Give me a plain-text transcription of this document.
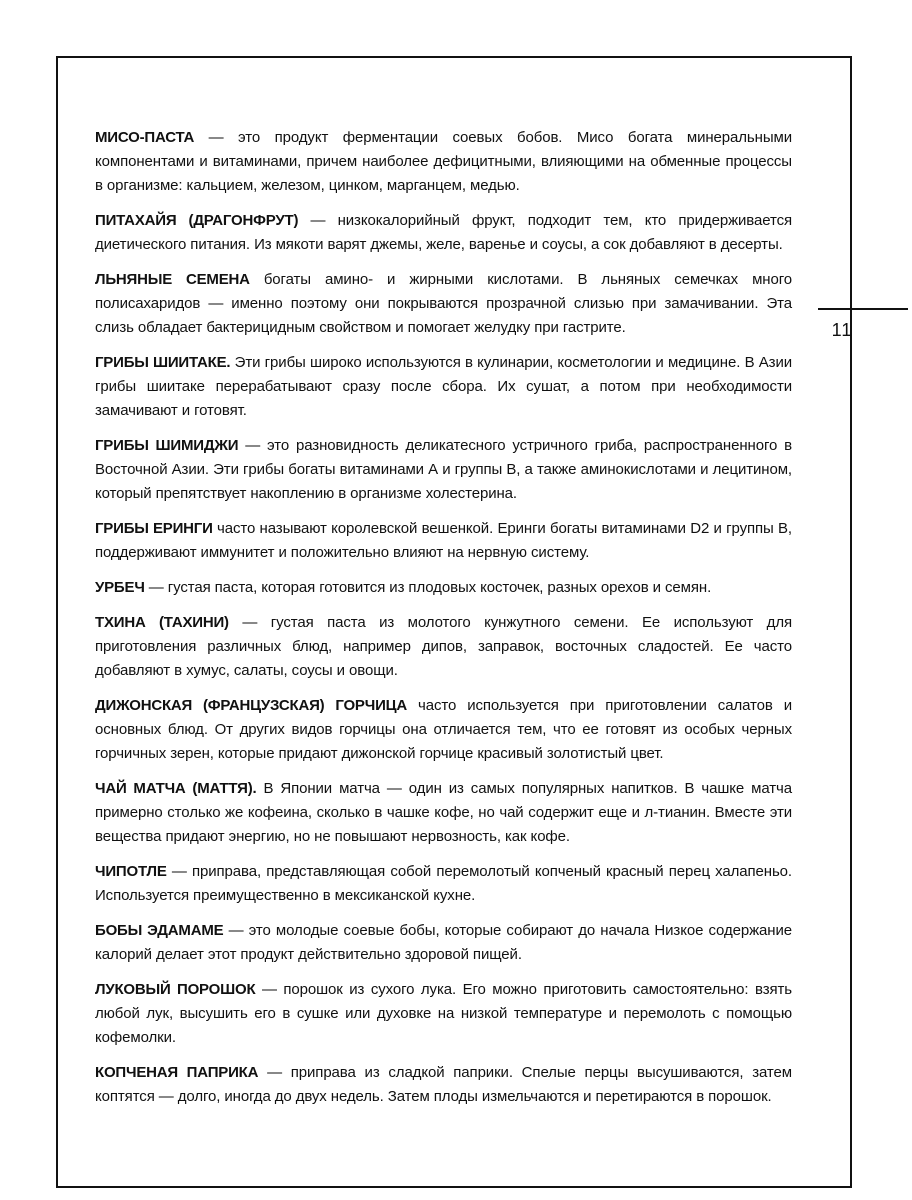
МИСО-ПАСТА — это продукт ферментации соевых бобов. Мисо богата минеральными компонентами и витаминами, причем наиболее дефицитными, влияющими на обменные процессы в организме: кальцием, железом, цинком, марганцем, медью.

ПИТАХАЙЯ (ДРАГОНФРУТ) — низкокалорийный фрукт, подходит тем, кто придерживается диетического питания. Из мякоти варят джемы, желе, варенье и соусы, а сок добавляют в десерты.

ЛЬНЯНЫЕ СЕМЕНА богаты амино- и жирными кислотами. В льняных семечках много полисахаридов — именно поэтому они покрываются прозрачной слизью при замачивании. Эта слизь обладает бактерицидным свойством и помогает желудку при гастрите.

ГРИБЫ ШИИТАКЕ. Эти грибы широко используются в кулинарии, косметологии и медицине. В Азии грибы шиитаке перерабатывают сразу после сбора. Их сушат, а потом при необходимости замачивают и готовят.

ГРИБЫ ШИМИДЖИ — это разновидность деликатесного устричного гриба, распространенного в Восточной Азии. Эти грибы богаты витаминами А и группы В, а также аминокислотами и лецитином, который препятствует накоплению в организме холестерина.

ГРИБЫ ЕРИНГИ часто называют королевской вешенкой. Еринги богаты витаминами D2 и группы В, поддерживают иммунитет и положительно влияют на нервную систему.

УРБЕЧ — густая паста, которая готовится из плодовых косточек, разных орехов и семян.

ТХИНА (ТАХИНИ) — густая паста из молотого кунжутного семени. Ее используют для приготовления различных блюд, например дипов, заправок, восточных сладостей. Ее часто добавляют в хумус, салаты, соусы и овощи.

ДИЖОНСКАЯ (ФРАНЦУЗСКАЯ) ГОРЧИЦА часто используется при приготовлении салатов и основных блюд. От других видов горчицы она отличается тем, что ее готовят из особых черных горчичных зерен, которые придают дижонской горчице красивый золотистый цвет.

ЧАЙ МАТЧА (МАТТЯ). В Японии матча — один из самых популярных напитков. В чашке матча примерно столько же кофеина, сколько в чашке кофе, но чай содержит еще и л-тианин. Вместе эти вещества придают энергию, но не повышают нервозность, как кофе.

ЧИПОТЛЕ — приправа, представляющая собой перемолотый копченый красный перец халапеньо. Используется преимущественно в мексиканской кухне.

БОБЫ ЭДАМАМЕ — это молодые соевые бобы, которые собирают до начала Низкое содержание калорий делает этот продукт действительно здоровой пищей.

ЛУКОВЫЙ ПОРОШОК — порошок из сухого лука. Его можно приготовить самостоятельно: взять любой лук, высушить его в сушке или духовке на низкой температуре и перемолоть с помощью кофемолки.

КОПЧЕНАЯ ПАПРИКА — приправа из сладкой паприки. Спелые перцы высушиваются, затем коптятся — долго, иногда до двух недель. Затем плоды измельчаются и перетираются в порошок.

11
